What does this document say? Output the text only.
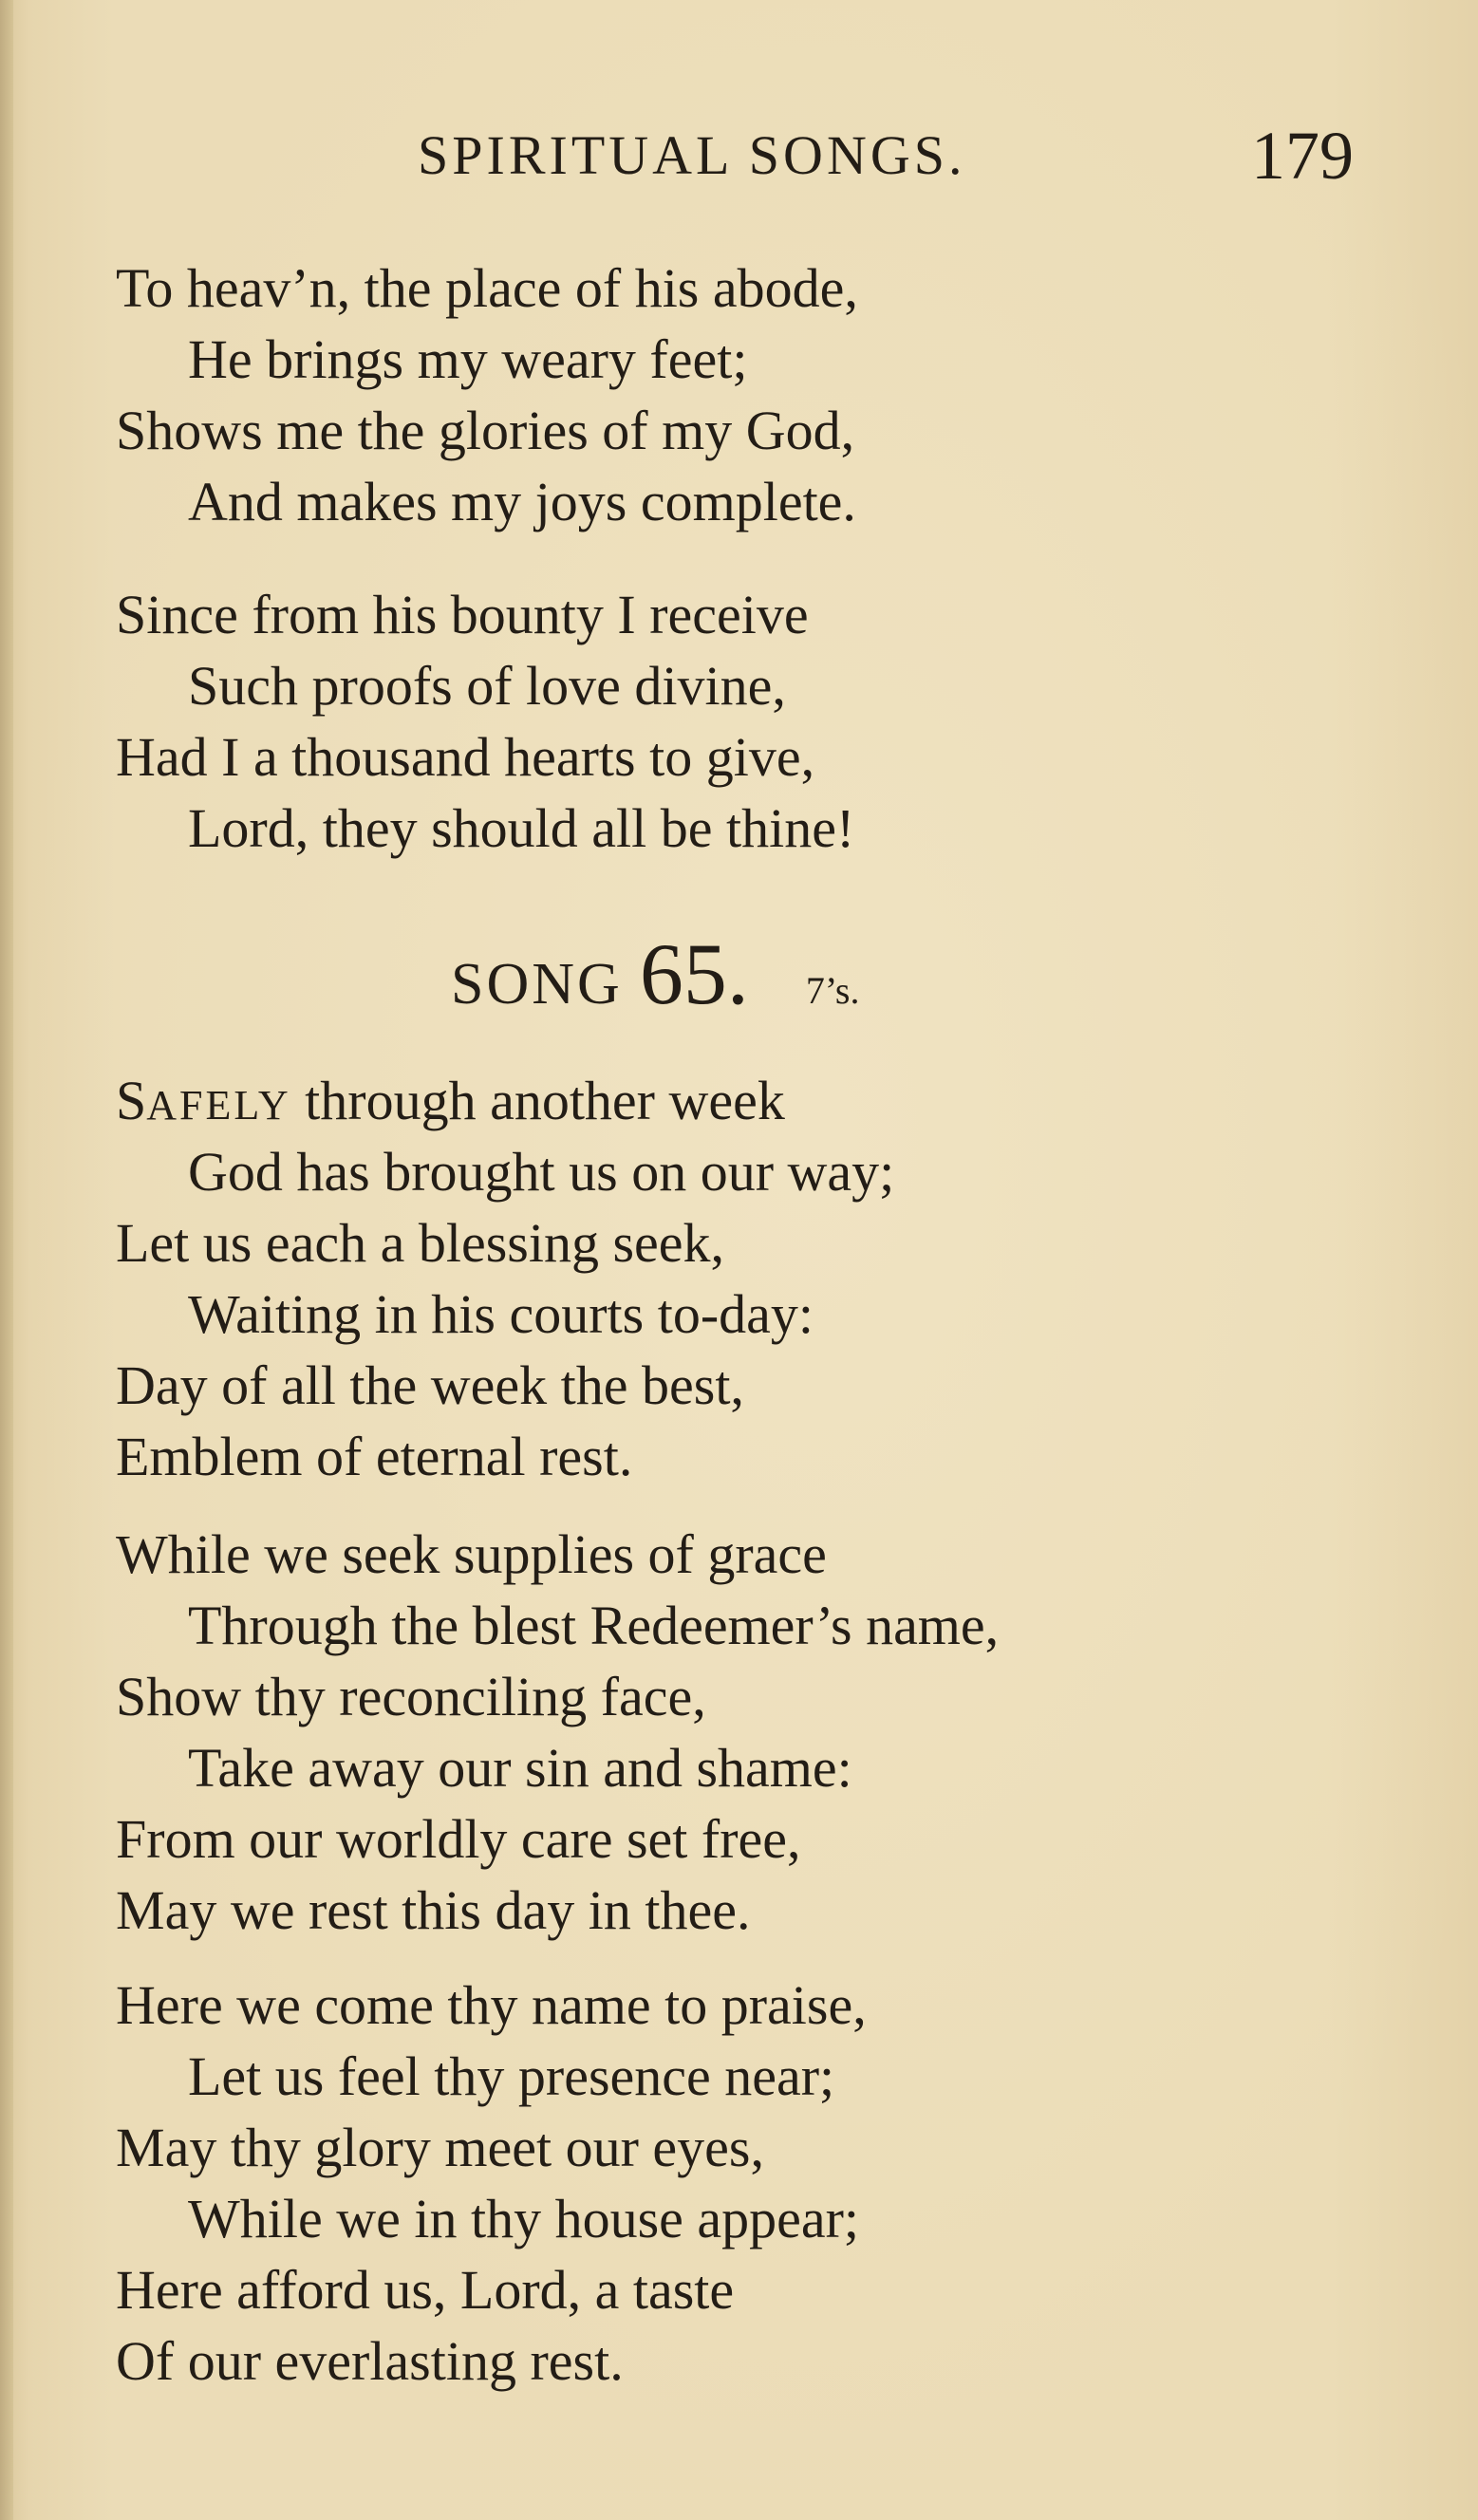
SPIRITUAL SONGS.	179
To heav’n, the place of his abode,
He brings my weary feet;
Shows me the glories of my God,
And makes my joys complete.
Since from his bounty I receive
Such proofs of love divine,
Had I a thousand hearts to give,
Lord, they should all be thine!
SONG 65. 7’s.
SAFELY through another week
God has brought us on our way;
Let us each a blessing seek,
Waiting in his courts to-day:
Day of all the week the best,
Emblem of eternal rest.
While we seek supplies of grace
Through the blest Redeemer’s name,
Show thy reconciling face,
Take away our sin and shame:
From our worldly care set free,
May we rest this day in thee.
Here we come thy name to praise,
Let us feel thy presence near;
May thy glory meet our eyes,
While we in thy house appear;
Here afford us, Lord, a taste
Of our everlasting rest.
